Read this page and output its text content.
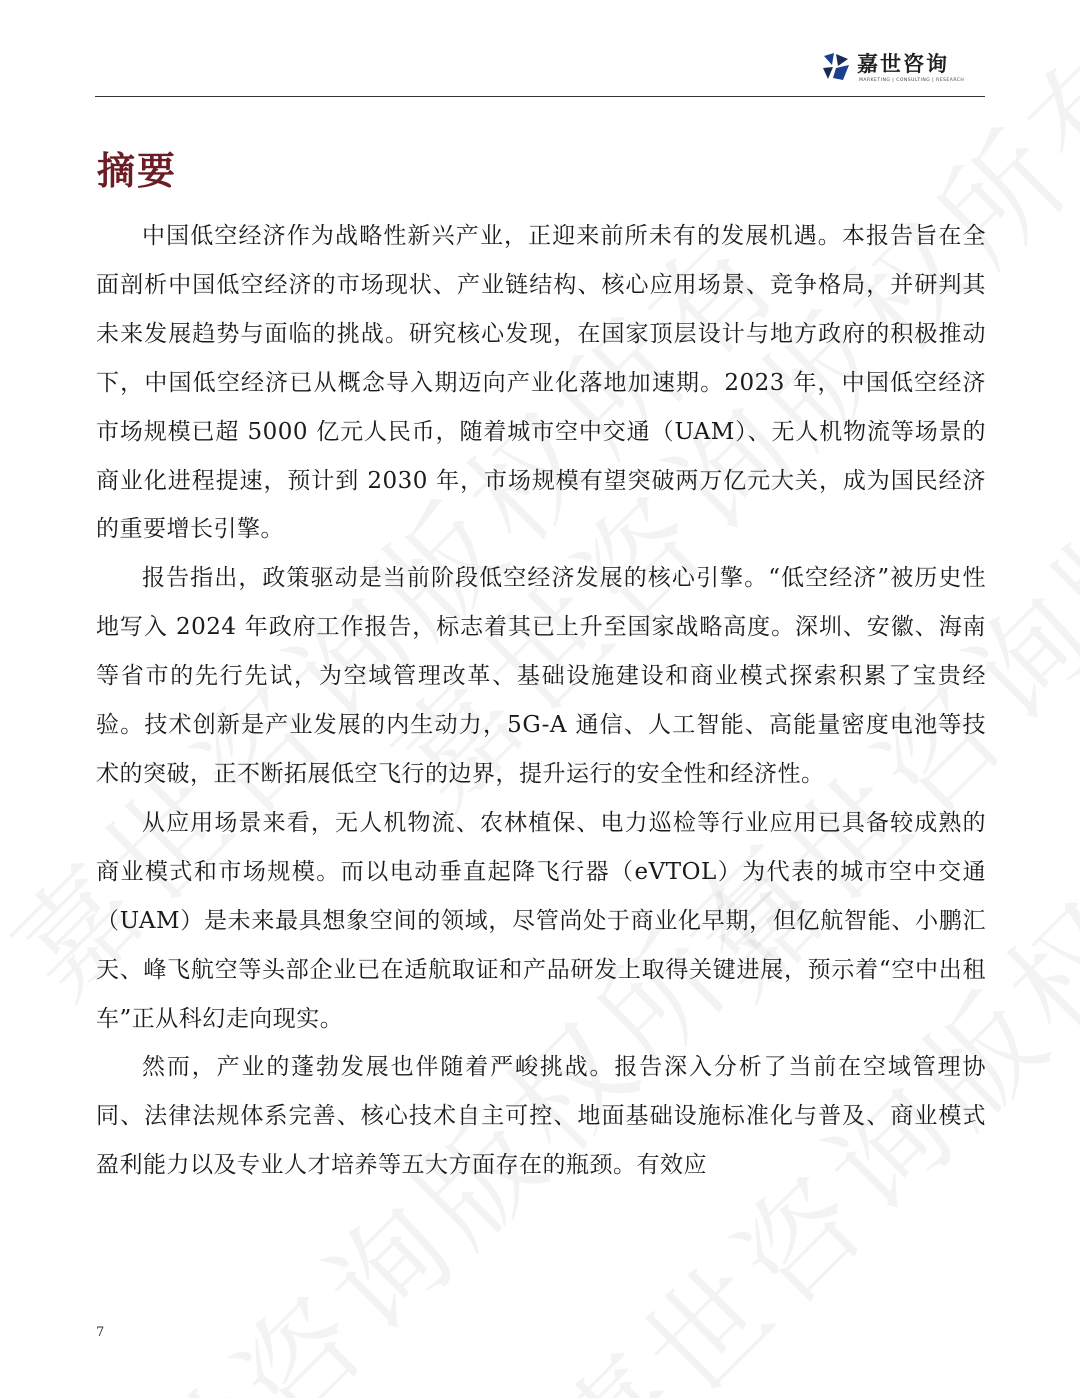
嘉世咨询
MARKETING | CONSULTING | RESEARCH
摘要

中国低空经济作为战略性新兴产业，正迎来前所未有的发展机遇。本报告旨在全面剖析中国低空经济的市场现状、产业链结构、核心应用场景、竞争格局，并研判其未来发展趋势与面临的挑战。研究核心发现，在国家顶层设计与地方政府的积极推动下，中国低空经济已从概念导入期迈向产业化落地加速期。2023 年，中国低空经济市场规模已超 5000 亿元人民币，随着城市空中交通（UAM）、无人机物流等场景的商业化进程提速，预计到 2030 年，市场规模有望突破两万亿元大关，成为国民经济的重要增长引擎。

报告指出，政策驱动是当前阶段低空经济发展的核心引擎。“低空经济”被历史性地写入 2024 年政府工作报告，标志着其已上升至国家战略高度。深圳、安徽、海南等省市的先行先试，为空域管理改革、基础设施建设和商业模式探索积累了宝贵经验。技术创新是产业发展的内生动力，5G-A 通信、人工智能、高能量密度电池等技术的突破，正不断拓展低空飞行的边界，提升运行的安全性和经济性。

从应用场景来看，无人机物流、农林植保、电力巡检等行业应用已具备较成熟的商业模式和市场规模。而以电动垂直起降飞行器（eVTOL）为代表的城市空中交通（UAM）是未来最具想象空间的领域，尽管尚处于商业化早期，但亿航智能、小鹏汇天、峰飞航空等头部企业已在适航取证和产品研发上取得关键进展，预示着“空中出租车”正从科幻走向现实。

然而，产业的蓬勃发展也伴随着严峻挑战。报告深入分析了当前在空域管理协同、法律法规体系完善、核心技术自主可控、地面基础设施标准化与普及、商业模式盈利能力以及专业人才培养等五大方面存在的瓶颈。有效应

7
